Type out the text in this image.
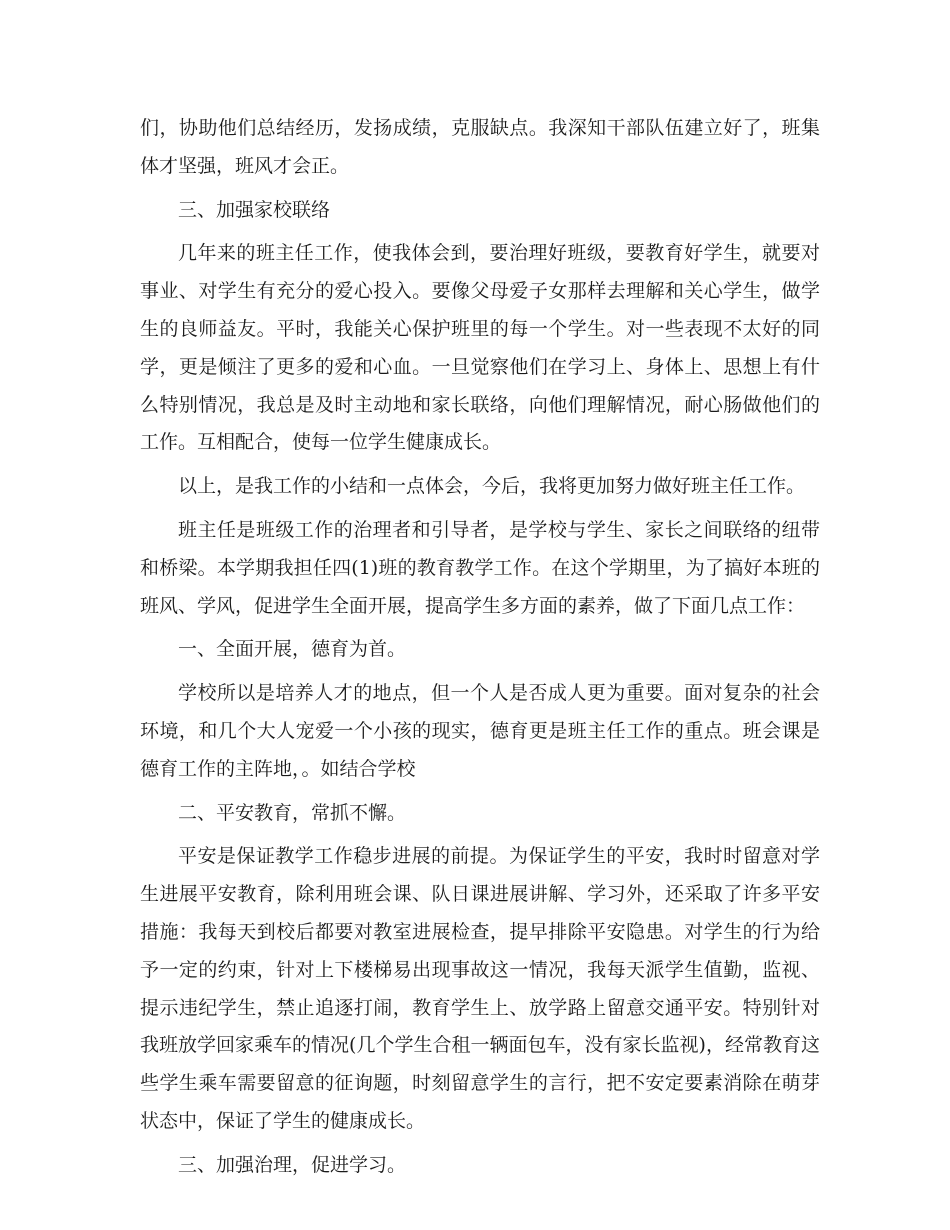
们，协助他们总结经历，发扬成绩，克服缺点。我深知干部队伍建立好了，班集体才坚强，班风才会正。

三、加强家校联络

几年来的班主任工作，使我体会到，要治理好班级，要教育好学生，就要对事业、对学生有充分的爱心投入。要像父母爱子女那样去理解和关心学生，做学生的良师益友。平时，我能关心保护班里的每一个学生。对一些表现不太好的同学，更是倾注了更多的爱和心血。一旦觉察他们在学习上、身体上、思想上有什么特别情况，我总是及时主动地和家长联络，向他们理解情况，耐心肠做他们的工作。互相配合，使每一位学生健康成长。

以上，是我工作的小结和一点体会，今后，我将更加努力做好班主任工作。

班主任是班级工作的治理者和引导者，是学校与学生、家长之间联络的纽带和桥梁。本学期我担任四(1)班的教育教学工作。在这个学期里，为了搞好本班的班风、学风，促进学生全面开展，提高学生多方面的素养，做了下面几点工作：

一、全面开展，德育为首。

学校所以是培养人才的地点，但一个人是否成人更为重要。面对复杂的社会环境，和几个大人宠爱一个小孩的现实，德育更是班主任工作的重点。班会课是德育工作的主阵地，。如结合学校

二、平安教育，常抓不懈。

平安是保证教学工作稳步进展的前提。为保证学生的平安，我时时留意对学生进展平安教育，除利用班会课、队日课进展讲解、学习外，还采取了许多平安措施：我每天到校后都要对教室进展检查，提早排除平安隐患。对学生的行为给予一定的约束，针对上下楼梯易出现事故这一情况，我每天派学生值勤，监视、提示违纪学生，禁止追逐打闹，教育学生上、放学路上留意交通平安。特别针对我班放学回家乘车的情况(几个学生合租一辆面包车，没有家长监视)，经常教育这些学生乘车需要留意的征询题，时刻留意学生的言行，把不安定要素消除在萌芽状态中，保证了学生的健康成长。

三、加强治理，促进学习。
